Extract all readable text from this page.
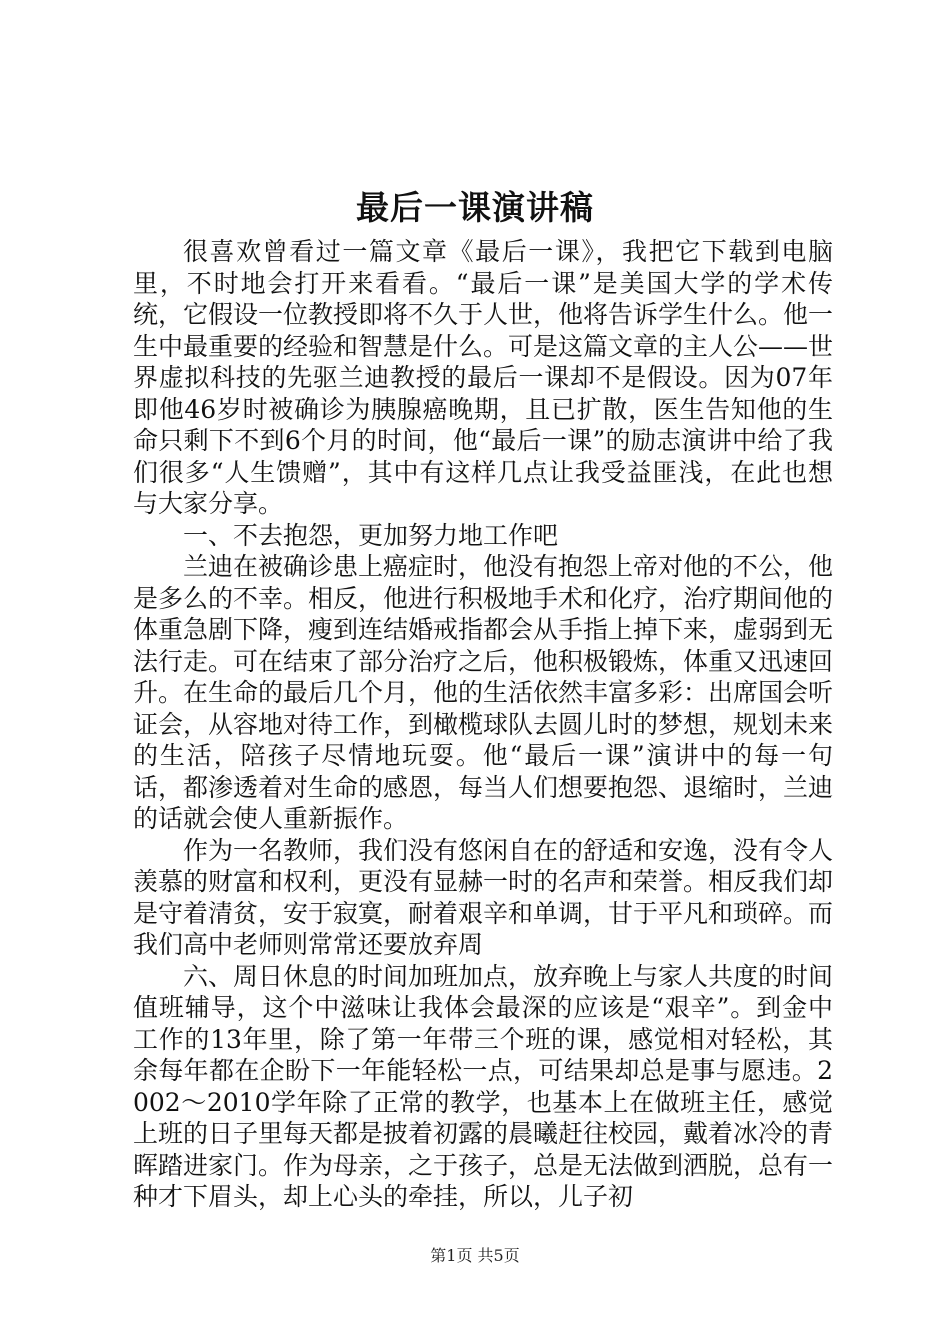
最后一课演讲稿

很喜欢曾看过一篇文章《最后一课》，我把它下载到电脑里，不时地会打开来看看。“最后一课”是美国大学的学术传统，它假设一位教授即将不久于人世，他将告诉学生什么。他一生中最重要的经验和智慧是什么。可是这篇文章的主人公——世界虚拟科技的先驱兰迪教授的最后一课却不是假设。因为07年即他46岁时被确诊为胰腺癌晚期，且已扩散，医生告知他的生命只剩下不到6个月的时间，他“最后一课”的励志演讲中给了我们很多“人生馈赠”，其中有这样几点让我受益匪浅，在此也想与大家分享。

一、不去抱怨，更加努力地工作吧

兰迪在被确诊患上癌症时，他没有抱怨上帝对他的不公，他是多么的不幸。相反，他进行积极地手术和化疗，治疗期间他的体重急剧下降，瘦到连结婚戒指都会从手指上掉下来，虚弱到无法行走。可在结束了部分治疗之后，他积极锻炼，体重又迅速回升。在生命的最后几个月，他的生活依然丰富多彩：出席国会听证会，从容地对待工作，到橄榄球队去圆儿时的梦想，规划未来的生活，陪孩子尽情地玩耍。他“最后一课”演讲中的每一句话，都渗透着对生命的感恩，每当人们想要抱怨、退缩时，兰迪的话就会使人重新振作。

作为一名教师，我们没有悠闲自在的舒适和安逸，没有令人羡慕的财富和权利，更没有显赫一时的名声和荣誉。相反我们却是守着清贫，安于寂寞，耐着艰辛和单调，甘于平凡和琐碎。而我们高中老师则常常还要放弃周

六、周日休息的时间加班加点，放弃晚上与家人共度的时间值班辅导，这个中滋味让我体会最深的应该是“艰辛”。到金中工作的13年里，除了第一年带三个班的课，感觉相对轻松，其余每年都在企盼下一年能轻松一点，可结果却总是事与愿违。2002～2010学年除了正常的教学，也基本上在做班主任，感觉上班的日子里每天都是披着初露的晨曦赶往校园，戴着冰冷的青晖踏进家门。作为母亲，之于孩子，总是无法做到洒脱，总有一种才下眉头，却上心头的牵挂，所以，儿子初

第1页 共5页
